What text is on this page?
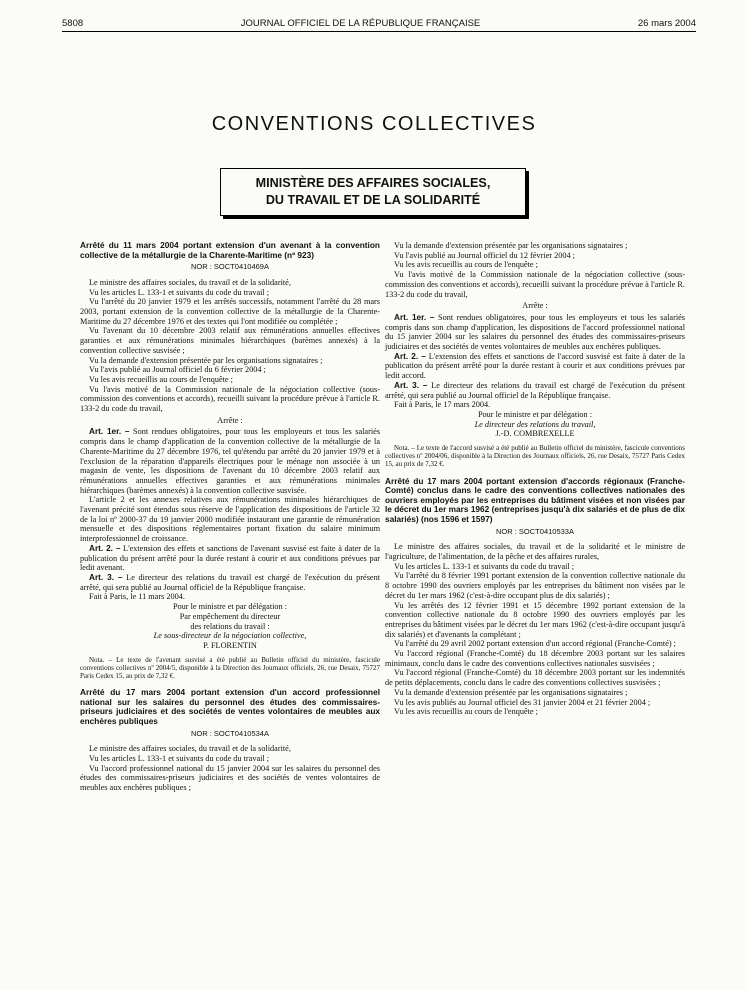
5808	JOURNAL OFFICIEL DE LA RÉPUBLIQUE FRANÇAISE	26 mars 2004
CONVENTIONS COLLECTIVES
MINISTÈRE DES AFFAIRES SOCIALES,
DU TRAVAIL ET DE LA SOLIDARITÉ
Arrêté du 11 mars 2004 portant extension d'un avenant à la convention collective de la métallurgie de la Charente-Maritime (nº 923)
NOR : SOCT0410469A

Le ministre des affaires sociales, du travail et de la solidarité,

Vu les articles L. 133-1 et suivants du code du travail ;

Vu l'arrêté du 20 janvier 1979 et les arrêtés successifs, notamment l'arrêté du 28 mars 2003, portant extension de la convention collective de la métallurgie de la Charente-Maritime du 27 décembre 1976 et des textes qui l'ont modifiée ou complétée ;

Vu l'avenant du 10 décembre 2003 relatif aux rémunérations annuelles effectives garanties et aux rémunérations minimales hiérarchiques (barèmes annexés) à la convention collective susvisée ;

Vu la demande d'extension présentée par les organisations signataires ;

Vu l'avis publié au Journal officiel du 6 février 2004 ;

Vu les avis recueillis au cours de l'enquête ;

Vu l'avis motivé de la Commission nationale de la négociation collective (sous-commission des conventions et accords), recueilli suivant la procédure prévue à l'article R. 133-2 du code du travail,

Arrête :

Art. 1er. – Sont rendues obligatoires, pour tous les employeurs et tous les salariés compris dans le champ d'application de la convention collective de la métallurgie de la Charente-Maritime du 27 décembre 1976, tel qu'étendu par arrêté du 20 janvier 1979 et à l'exclusion de la réparation d'appareils électriques pour le ménage non associée à un magasin de vente, les dispositions de l'avenant du 10 décembre 2003 relatif aux rémunérations annuelles effectives garanties et aux rémunérations minimales hiérarchiques (barèmes annexés) à la convention collective susvisée.

L'article 2 et les annexes relatives aux rémunérations minimales hiérarchiques de l'avenant précité sont étendus sous réserve de l'application des dispositions de l'article 32 de la loi nº 2000-37 du 19 janvier 2000 modifiée instaurant une garantie de rémunération mensuelle et des dispositions réglementaires portant fixation du salaire minimum interprofessionnel de croissance.

Art. 2. – L'extension des effets et sanctions de l'avenant susvisé est faite à dater de la publication du présent arrêté pour la durée restant à courir et aux conditions prévues par ledit avenant.

Art. 3. – Le directeur des relations du travail est chargé de l'exécution du présent arrêté, qui sera publié au Journal officiel de la République française.

Fait à Paris, le 11 mars 2004.

Pour le ministre et par délégation :

Par empêchement du directeur

des relations du travail :

Le sous-directeur de la négociation collective,

P. FLORENTIN

Nota. – Le texte de l'avenant susvisé a été publié au Bulletin officiel du ministère, fascicule conventions collectives nº 2004/5, disponible à la Direction des Journaux officiels, 26, rue Desaix, 75727 Paris Cedex 15, au prix de 7,32 €.

Arrêté du 17 mars 2004 portant extension d'un accord professionnel national sur les salaires du personnel des études des commissaires-priseurs judiciaires et des sociétés de ventes volontaires de meubles aux enchères publiques
NOR : SOCT0410534A

Le ministre des affaires sociales, du travail et de la solidarité,

Vu les articles L. 133-1 et suivants du code du travail ;

Vu l'accord professionnel national du 15 janvier 2004 sur les salaires du personnel des études des commissaires-priseurs judiciaires et des sociétés de ventes volontaires de meubles aux enchères publiques ;

Vu la demande d'extension présentée par les organisations signataires ;

Vu l'avis publié au Journal officiel du 12 février 2004 ;

Vu les avis recueillis au cours de l'enquête ;

Vu l'avis motivé de la Commission nationale de la négociation collective (sous-commission des conventions et accords), recueilli suivant la procédure prévue à l'article R. 133-2 du code du travail,

Arrête :

Art. 1er. – Sont rendues obligatoires, pour tous les employeurs et tous les salariés compris dans son champ d'application, les dispositions de l'accord professionnel national du 15 janvier 2004 sur les salaires du personnel des études des commissaires-priseurs judiciaires et des sociétés de ventes volontaires de meubles aux enchères publiques.

Art. 2. – L'extension des effets et sanctions de l'accord susvisé est faite à dater de la publication du présent arrêté pour la durée restant à courir et aux conditions prévues par ledit accord.

Art. 3. – Le directeur des relations du travail est chargé de l'exécution du présent arrêté, qui sera publié au Journal officiel de la République française.

Fait à Paris, le 17 mars 2004.

Pour le ministre et par délégation :

Le directeur des relations du travail,

J.-D. COMBREXELLE

Nota. – Le texte de l'accord susvisé a été publié au Bulletin officiel du ministère, fascicule conventions collectives nº 2004/06, disponible à la Direction des Journaux officiels, 26, rue Desaix, 75727 Paris Cedex 15, au prix de 7,32 €.

Arrêté du 17 mars 2004 portant extension d'accords régionaux (Franche-Comté) conclus dans le cadre des conventions collectives nationales des ouvriers employés par les entreprises du bâtiment visées et non visées par le décret du 1er mars 1962 (entreprises jusqu'à dix salariés et de plus de dix salariés) (nos 1596 et 1597)
NOR : SOCT0410533A

Le ministre des affaires sociales, du travail et de la solidarité et le ministre de l'agriculture, de l'alimentation, de la pêche et des affaires rurales,

Vu les articles L. 133-1 et suivants du code du travail ;

Vu l'arrêté du 8 février 1991 portant extension de la convention collective nationale du 8 octobre 1990 des ouvriers employés par les entreprises du bâtiment non visées par le décret du 1er mars 1962 (c'est-à-dire occupant plus de dix salariés) ;

Vu les arrêtés des 12 février 1991 et 15 décembre 1992 portant extension de la convention collective nationale du 8 octobre 1990 des ouvriers employés par les entreprises du bâtiment visées par le décret du 1er mars 1962 (c'est-à-dire occupant jusqu'à dix salariés) et d'avenants la complétant ;

Vu l'arrêté du 29 avril 2002 portant extension d'un accord régional (Franche-Comté) ;

Vu l'accord régional (Franche-Comté) du 18 décembre 2003 portant sur les salaires minimaux, conclu dans le cadre des conventions collectives nationales susvisées ;

Vu l'accord régional (Franche-Comté) du 18 décembre 2003 portant sur les indemnités de petits déplacements, conclu dans le cadre des conventions collectives susvisées ;

Vu la demande d'extension présentée par les organisations signataires ;

Vu les avis publiés au Journal officiel des 31 janvier 2004 et 21 février 2004 ;

Vu les avis recueillis au cours de l'enquête ;
